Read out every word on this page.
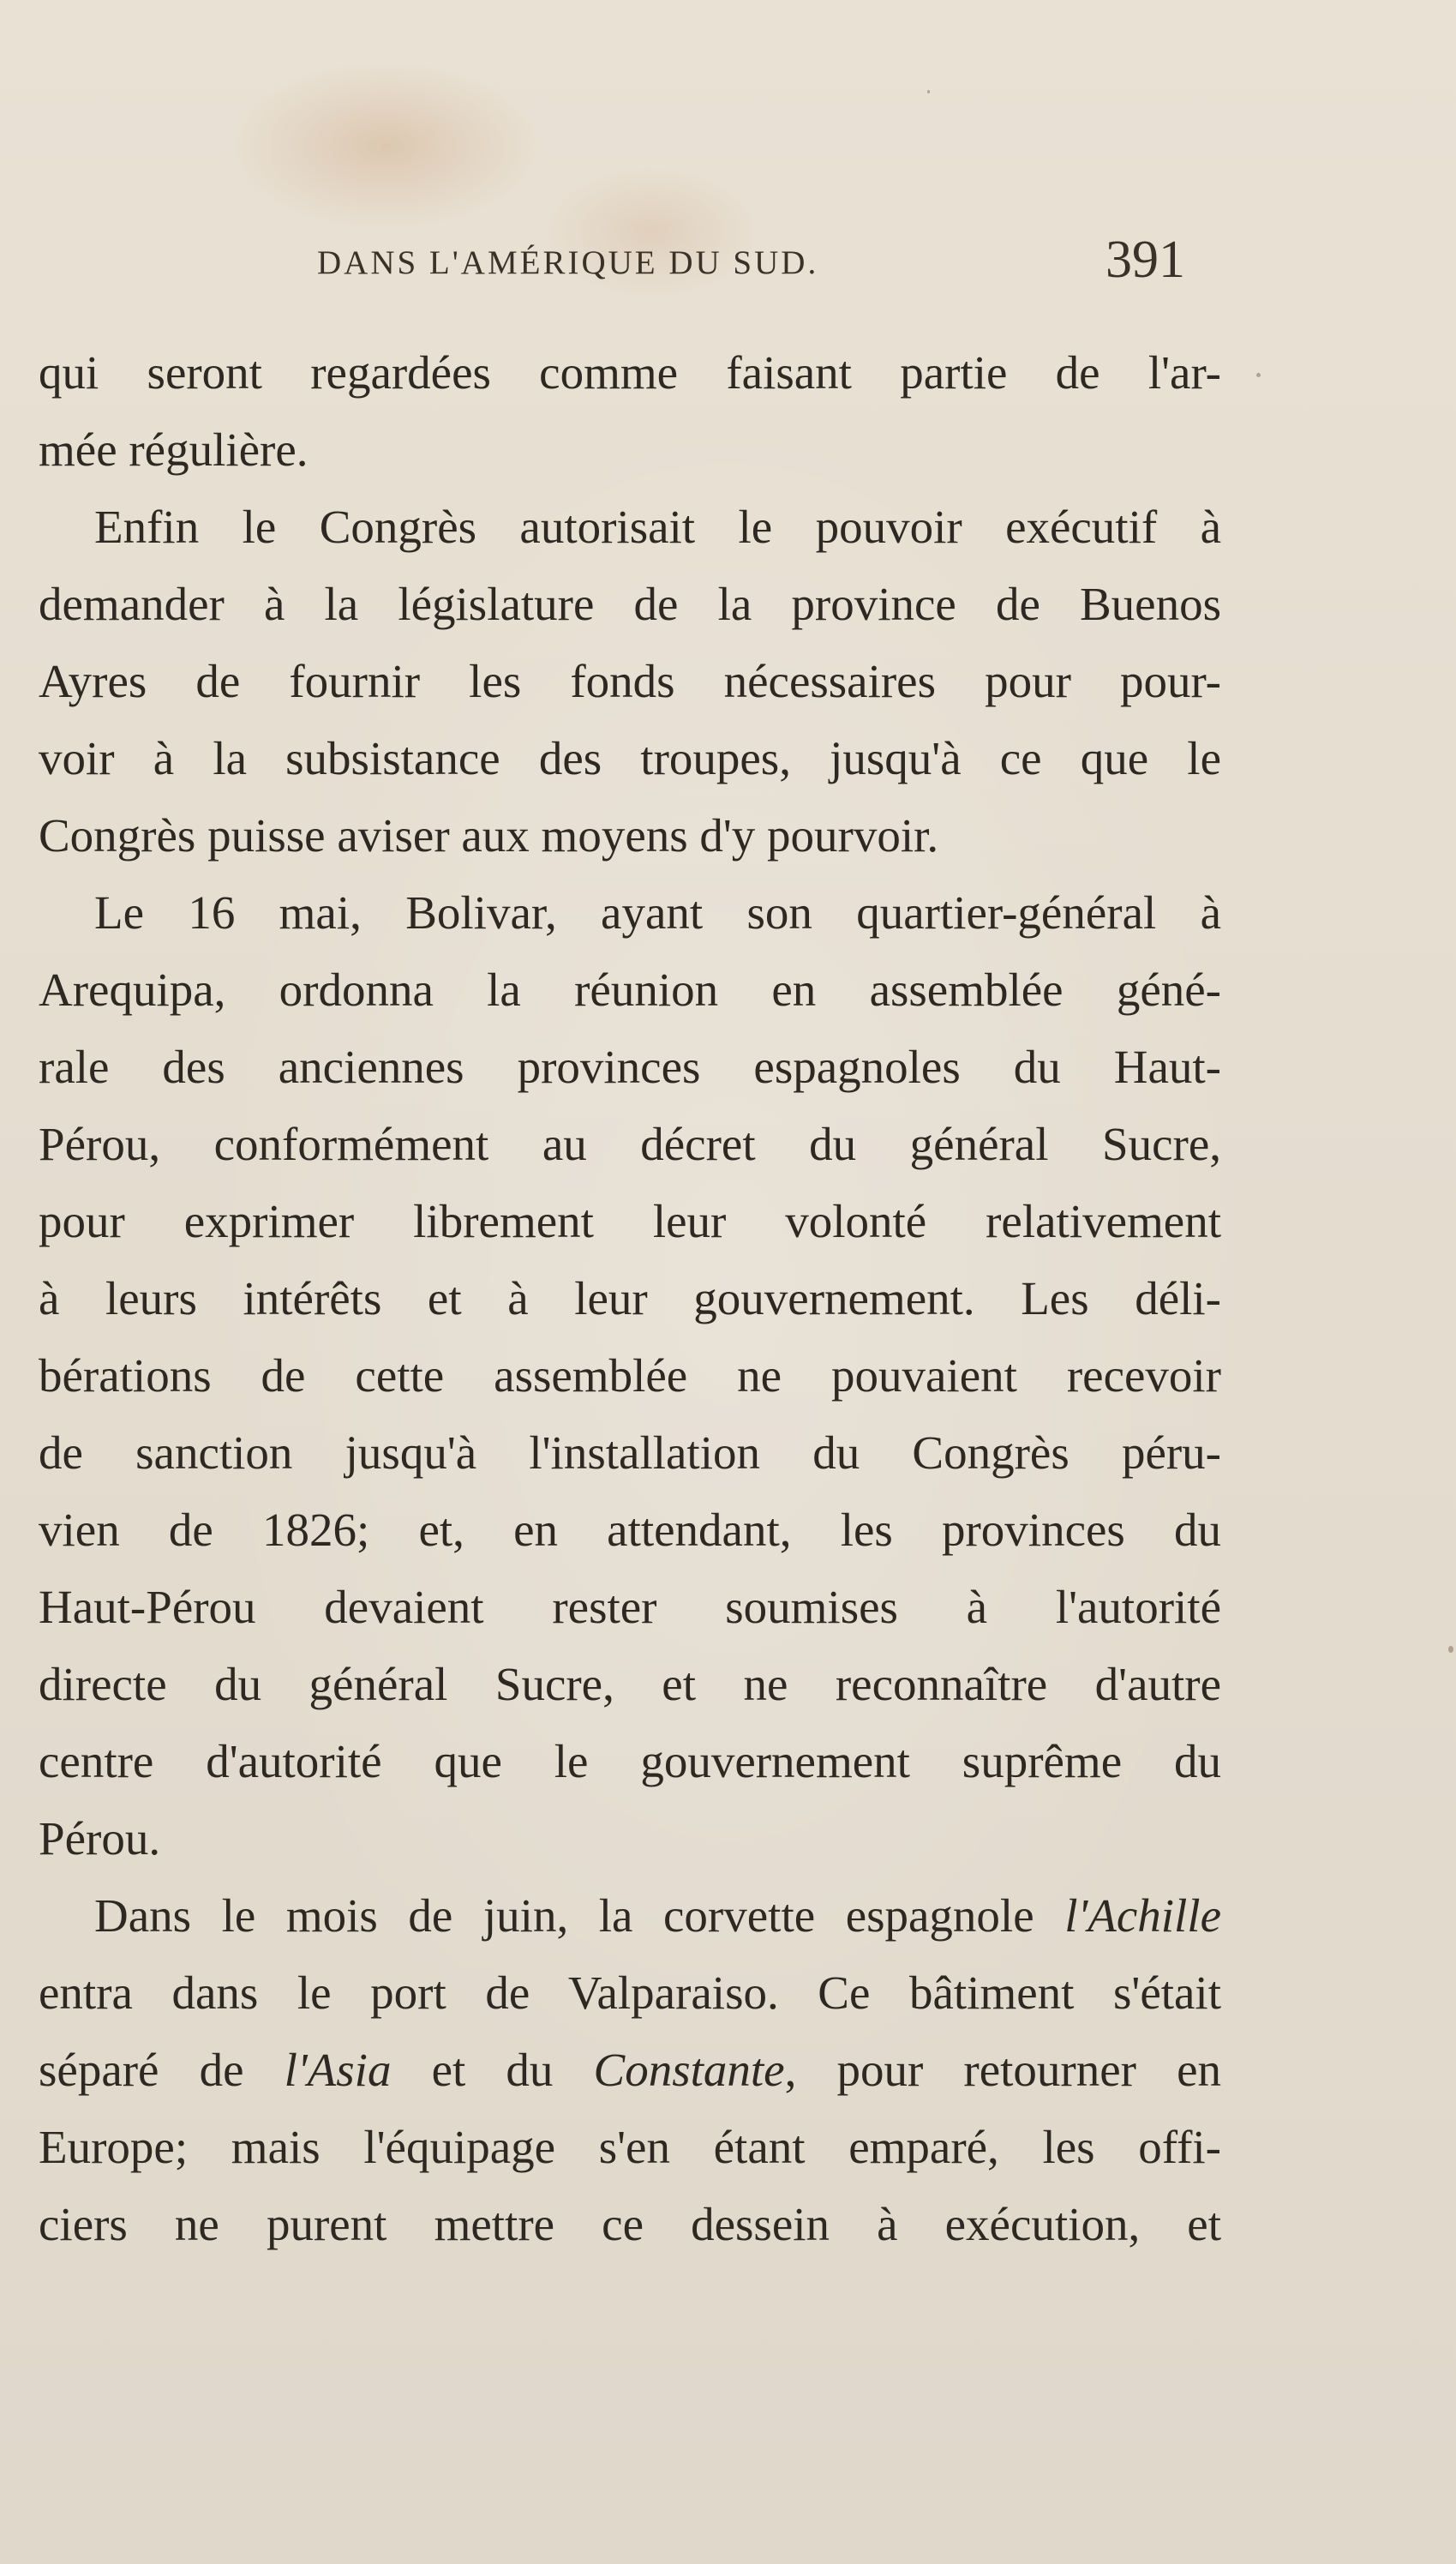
DANS L'AMÉRIQUE DU SUD.	391
qui seront regardées comme faisant partie de l'ar-
mée régulière.
Enfin le Congrès autorisait le pouvoir exécutif à
demander à la législature de la province de Buenos
Ayres de fournir les fonds nécessaires pour pour-
voir à la subsistance des troupes, jusqu'à ce que le
Congrès puisse aviser aux moyens d'y pourvoir.
Le 16 mai, Bolivar, ayant son quartier-général à
Arequipa, ordonna la réunion en assemblée géné-
rale des anciennes provinces espagnoles du Haut-
Pérou, conformément au décret du général Sucre,
pour exprimer librement leur volonté relativement
à leurs intérêts et à leur gouvernement. Les déli-
bérations de cette assemblée ne pouvaient recevoir
de sanction jusqu'à l'installation du Congrès péru-
vien de 1826; et, en attendant, les provinces du
Haut-Pérou devaient rester soumises à l'autorité
directe du général Sucre, et ne reconnaître d'autre
centre d'autorité que le gouvernement suprême du
Pérou.
Dans le mois de juin, la corvette espagnole l'Achille
entra dans le port de Valparaiso. Ce bâtiment s'était
séparé de l'Asia et du Constante, pour retourner en
Europe; mais l'équipage s'en étant emparé, les offi-
ciers ne purent mettre ce dessein à exécution, et
